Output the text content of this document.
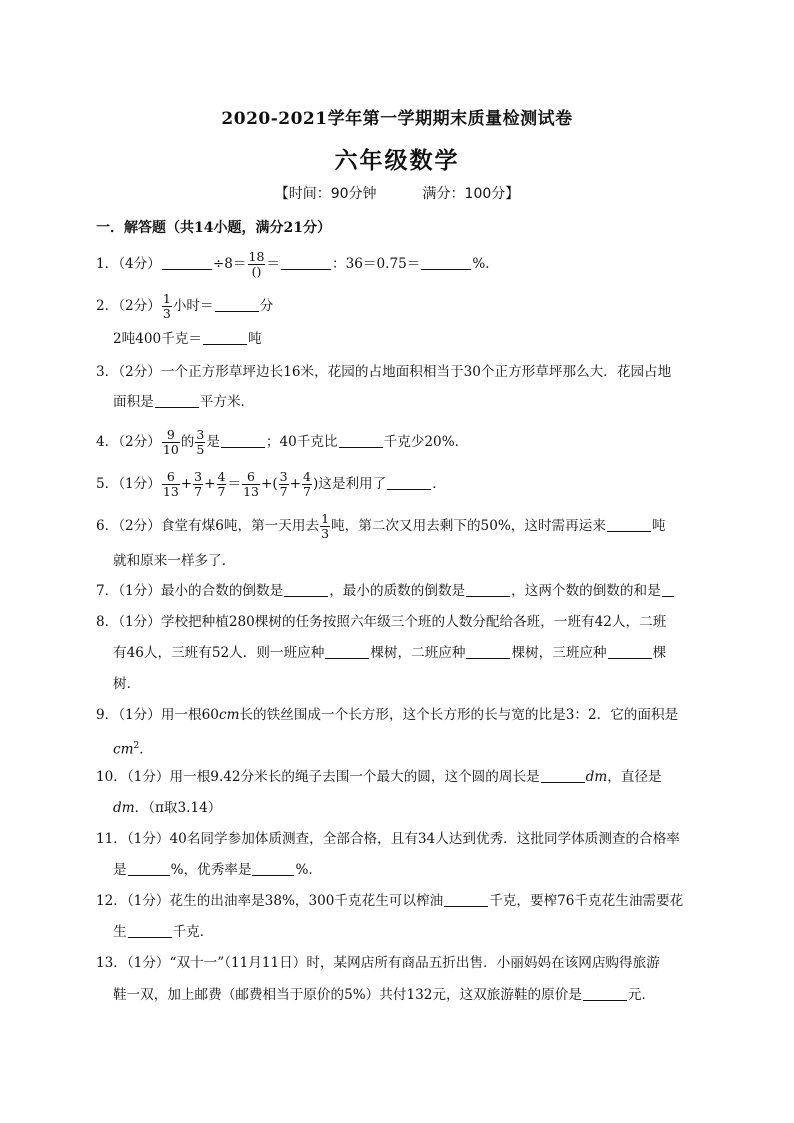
2020-2021学年第一学期期末质量检测试卷
六年级数学
【时间：90分钟	满分：100分】
一．解答题（共14小题，满分21分）
1．（4分）	$\div 8= \frac{18}{()}$ ＝	：36＝0.75＝	%．
2．（2分） $\frac{1}{3}$ 小时＝	分
2吨400千克＝	吨
3．（2分）一个正方形草坪边长16米，花园的占地面积相当于30个正方形草坪那么大．花园占地
面积是	平方米．
4．（2分） $\frac{9}{10}$ 的 $\frac{3}{5}$ 是	；40千克比	千克少20%．
5．（1分） $\frac{6}{13} + \frac{3}{7} + \frac{4}{7} = \frac{6}{13}$ +( $\frac{3}{7} + \frac{4}{7}$ )这是利用了	．
6．（2分）食堂有煤6吨，第一天用去 $\frac{1}{3}$ 吨，第二次又用去剩下的50%，这时需再运来	吨
就和原来一样多了．
7．（1分）最小的合数的倒数是	，最小的质数的倒数是	，这两个数的倒数的和是
8．（1分）学校把种植280棵树的任务按照六年级三个班的人数分配给各班，一班有42人，二班
有46人，三班有52人．则一班应种	棵树，二班应种	棵树，三班应种	棵
树．
9．（1分）用一根60cm长的铁丝围成一个长方形，这个长方形的长与宽的比是3：2．它的面积是
$cm^2$．
10．（1分）用一根9.42分米长的绳子去围一个最大的圆，这个圆的周长是	dm，直径是
dm．（π取3.14）
11．（1分）40名同学参加体质测查，全部合格，且有34人达到优秀．这批同学体质测查的合格率
是	%，优秀率是	%．
12．（1分）花生的出油率是38%，300千克花生可以榨油	千克，要榨76千克花生油需要花
生	千克．
13．（1分）“双十一”（11月11日）时，某网店所有商品五折出售．小丽妈妈在该网店购得旅游
鞋一双，加上邮费（邮费相当于原价的5%）共付132元，这双旅游鞋的原价是	元．
